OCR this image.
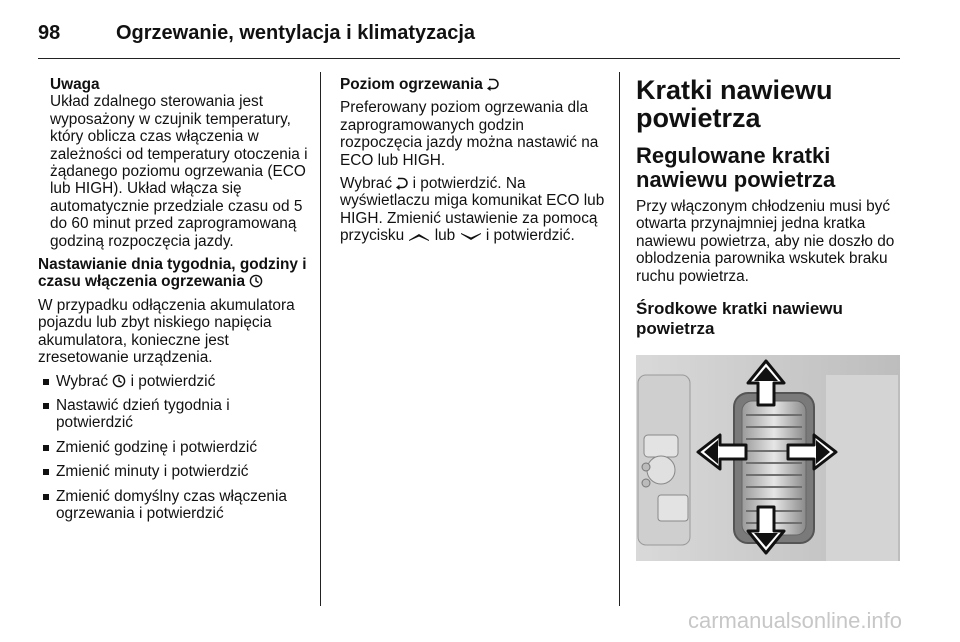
98	Ogrzewanie, wentylacja i klimatyzacja
Uwaga
Układ zdalnego sterowania jest wyposażony w czujnik temperatury, który oblicza czas włączenia w zależności od temperatury otoczenia i żądanego poziomu ogrzewania (ECO lub HIGH). Układ włącza się automatycznie przedziale czasu od 5 do 60 minut przed zaprogramowaną godziną rozpoczęcia jazdy.
Nastawianie dnia tygodnia, godziny i czasu włączenia ogrzewania
W przypadku odłączenia akumulatora pojazdu lub zbyt niskiego napięcia akumulatora, konieczne jest zresetowanie urządzenia.
Wybrać i potwierdzić
Nastawić dzień tygodnia i potwierdzić
Zmienić godzinę i potwierdzić
Zmienić minuty i potwierdzić
Zmienić domyślny czas włączenia ogrzewania i potwierdzić
Poziom ogrzewania
Preferowany poziom ogrzewania dla zaprogramowanych godzin rozpoczęcia jazdy można nastawić na ECO lub HIGH.
Wybrać i potwierdzić. Na wyświetlaczu miga komunikat ECO lub HIGH. Zmienić ustawienie za pomocą przycisku lub i potwierdzić.
Kratki nawiewu powietrza
Regulowane kratki nawiewu powietrza
Przy włączonym chłodzeniu musi być otwarta przynajmniej jedna kratka nawiewu powietrza, aby nie doszło do oblodzenia parownika wskutek braku ruchu powietrza.
Środkowe kratki nawiewu powietrza
carmanualsonline.info
